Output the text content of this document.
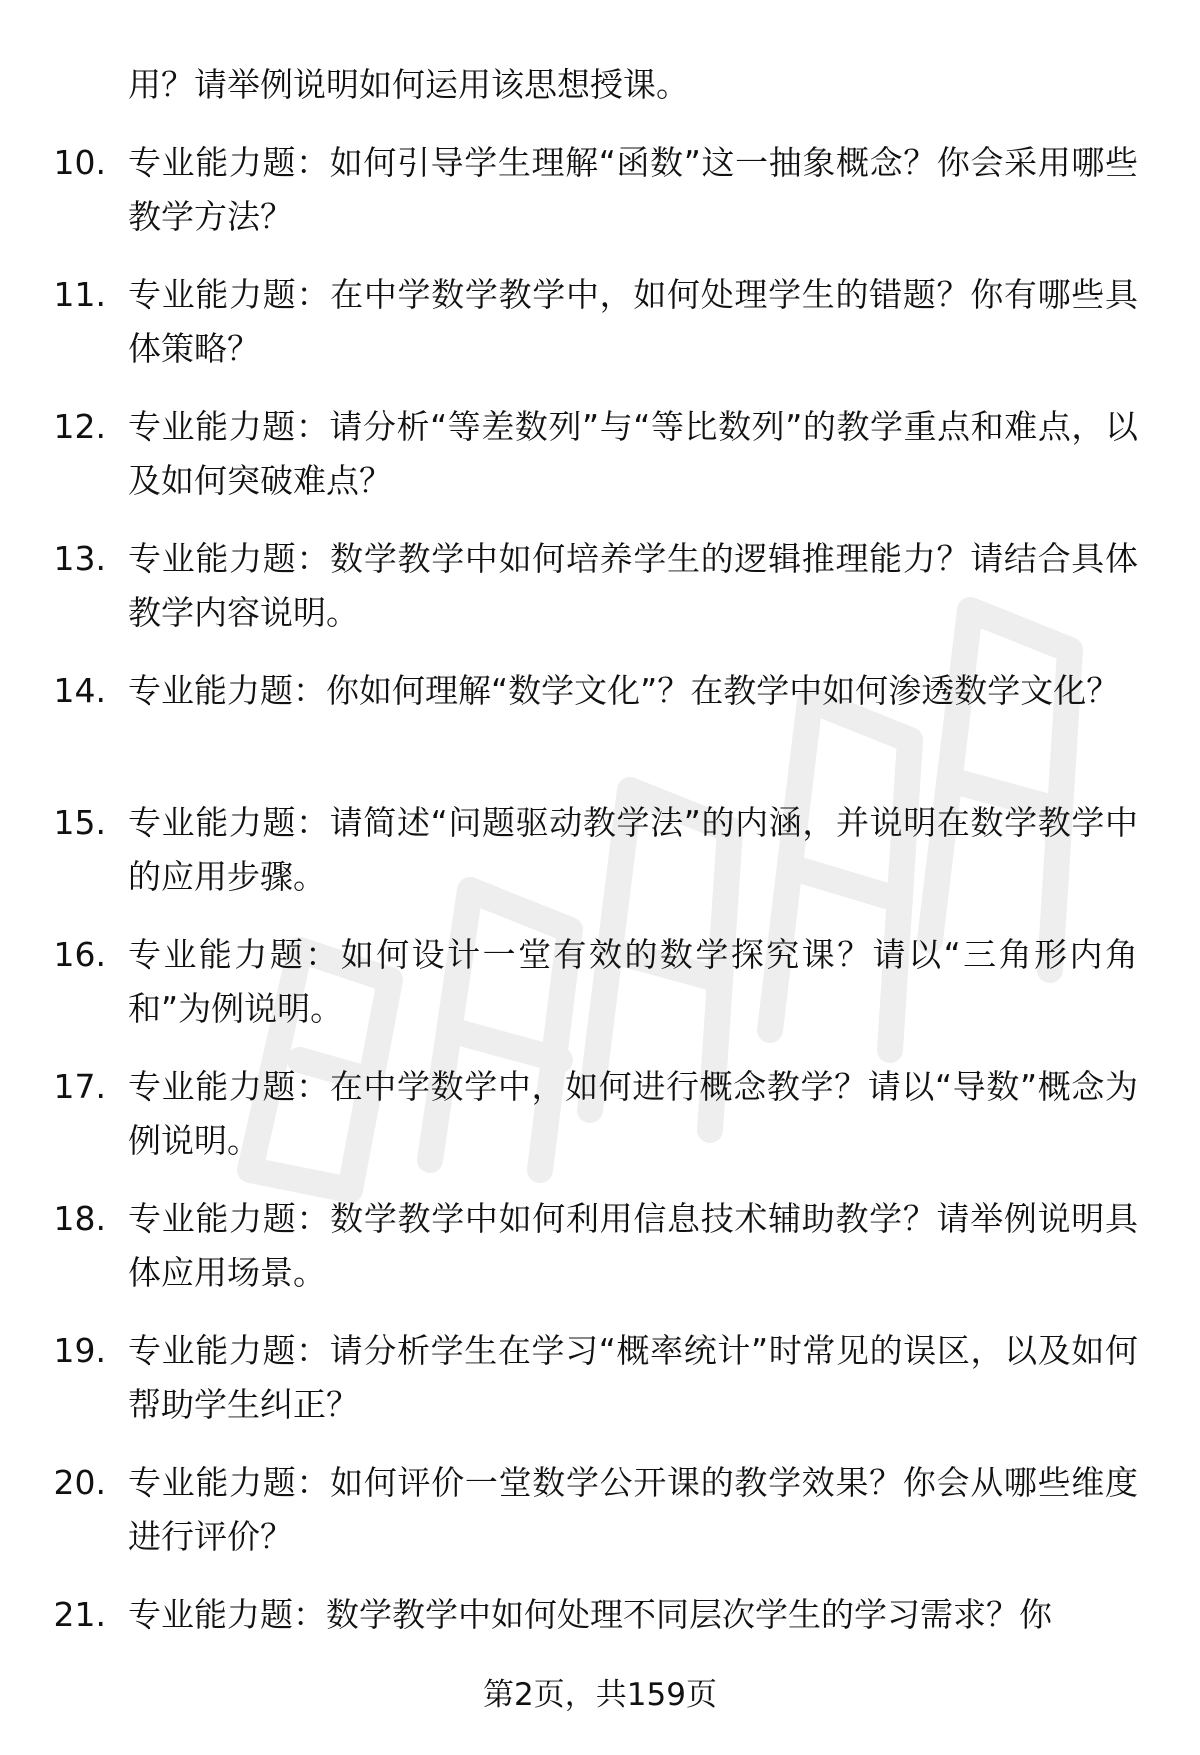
用？请举例说明如何运用该思想授课。
10. 专业能力题：如何引导学生理解“函数”这一抽象概念？你会采用哪些教学方法？
11. 专业能力题：在中学数学教学中，如何处理学生的错题？你有哪些具体策略？
12. 专业能力题：请分析“等差数列”与“等比数列”的教学重点和难点，以及如何突破难点？
13. 专业能力题：数学教学中如何培养学生的逻辑推理能力？请结合具体教学内容说明。
14. 专业能力题：你如何理解“数学文化”？在教学中如何渗透数学文化？
15. 专业能力题：请简述“问题驱动教学法”的内涵，并说明在数学教学中的应用步骤。
16. 专业能力题：如何设计一堂有效的数学探究课？请以“三角形内角和”为例说明。
17. 专业能力题：在中学数学中，如何进行概念教学？请以“导数”概念为例说明。
18. 专业能力题：数学教学中如何利用信息技术辅助教学？请举例说明具体应用场景。
19. 专业能力题：请分析学生在学习“概率统计”时常见的误区，以及如何帮助学生纠正？
20. 专业能力题：如何评价一堂数学公开课的教学效果？你会从哪些维度进行评价？
21. 专业能力题：数学教学中如何处理不同层次学生的学习需求？你
第2页，共159页
